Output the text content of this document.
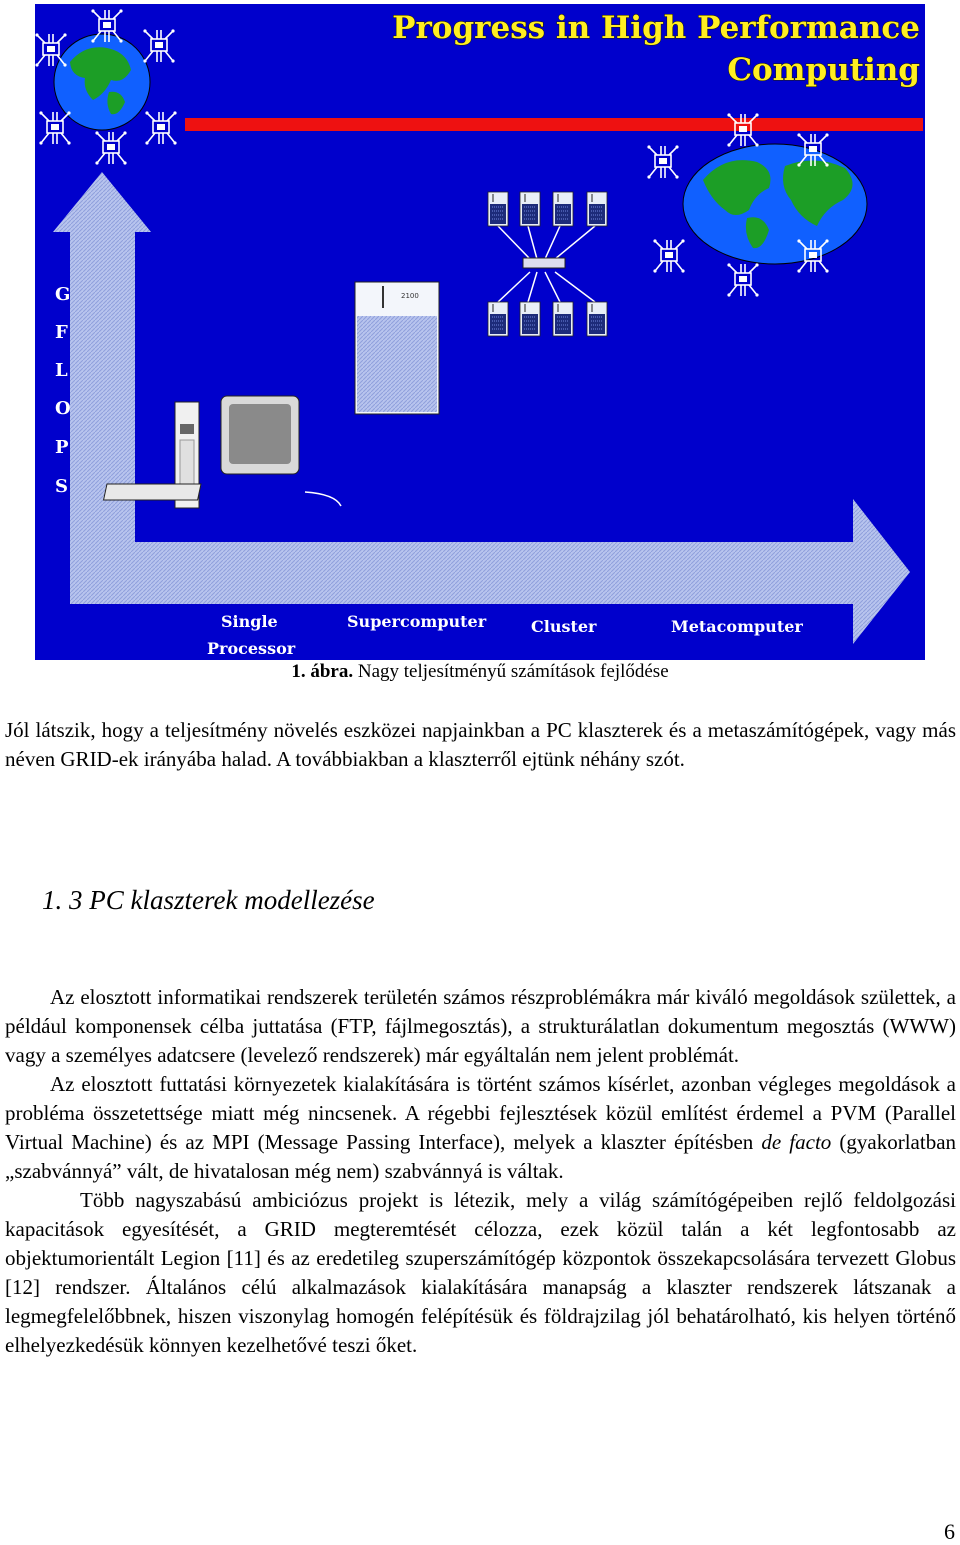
Progress in High Performance
Computing
G
F
L
O
P
S
Single
Processor
Supercomputer	Cluster	Metacomputer
2100
1. ábra. Nagy teljesítményű számítások fejlődése

Jól látszik, hogy a teljesítmény növelés eszközei napjainkban a PC klaszterek és a metaszámítógépek, vagy más néven GRID-ek irányába halad. A továbbiakban a klaszterről ejtünk néhány szót.

1. 3 PC klaszterek modellezése

Az elosztott informatikai rendszerek területén számos részproblémákra már kiváló megoldások születtek, a például komponensek célba juttatása (FTP, fájlmegosztás), a strukturálatlan dokumentum megosztás (WWW) vagy a személyes adatcsere (levelező rendszerek) már egyáltalán nem jelent problémát.

Az elosztott futtatási környezetek kialakítására is történt számos kísérlet, azonban végleges megoldások a probléma összetettsége miatt még nincsenek. A régebbi fejlesztések közül említést érdemel a PVM (Parallel Virtual Machine) és az MPI (Message Passing Interface), melyek a klaszter építésben de facto (gyakorlatban „szabvánnyá” vált, de hivatalosan még nem) szabvánnyá is váltak.

Több nagyszabású ambiciózus projekt is létezik, mely a világ számítógépeiben rejlő feldolgozási kapacitások egyesítését, a GRID megteremtését célozza, ezek közül talán a két legfontosabb az objektumorientált Legion [11] és az eredetileg szuperszámítógép központok összekapcsolására tervezett Globus [12] rendszer. Általános célú alkalmazások kialakítására manapság a klaszter rendszerek látszanak a legmegfelelőbbnek, hiszen viszonylag homogén felépítésük és földrajzilag jól behatárolható, kis helyen történő elhelyezkedésük könnyen kezelhetővé teszi őket.

6
